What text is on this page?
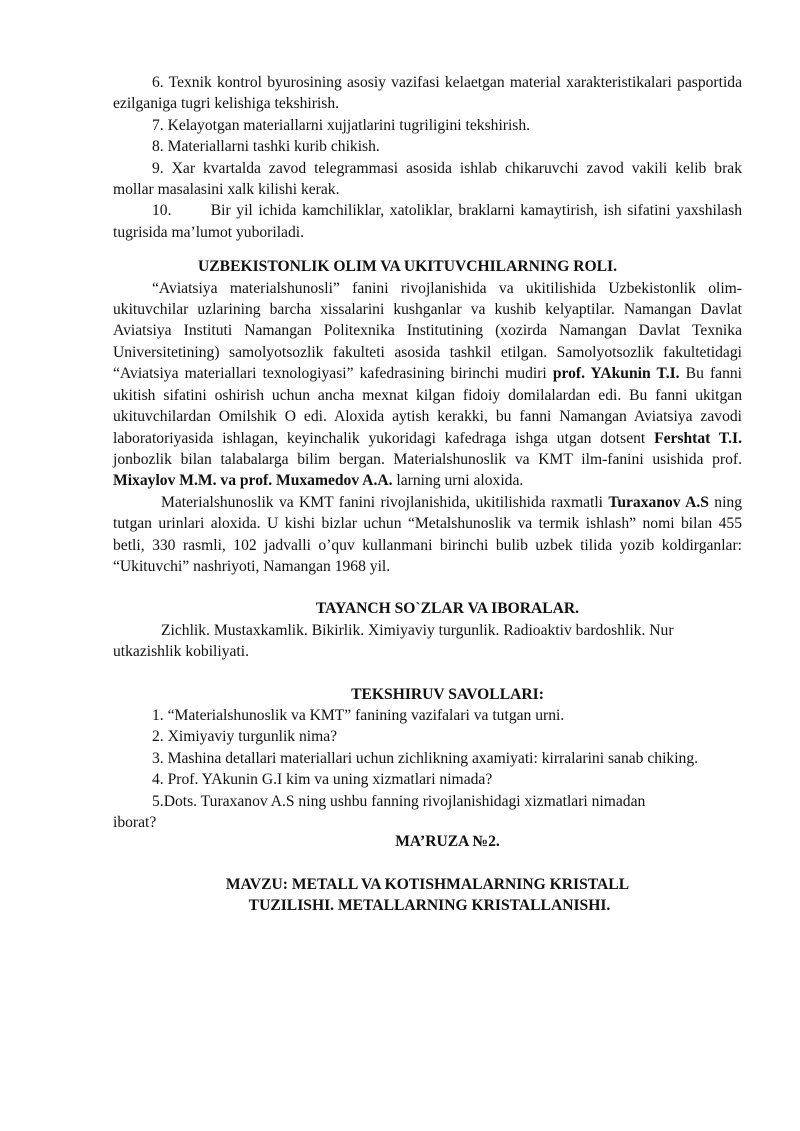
6. Texnik kontrol byurosining asosiy vazifasi kelaetgan material xarakteristikalari pasportida ezilganiga tugri kelishiga tekshirish.

7. Kelayotgan materiallarni xujjatlarini tugriligini tekshirish.

8. Materiallarni tashki kurib chikish.

9. Xar kvartalda zavod telegrammasi asosida ishlab chikaruvchi zavod vakili kelib brak mollar masalasini xalk kilishi kerak.

10.	Bir yil ichida kamchiliklar, xatoliklar, braklarni kamaytirish, ish sifatini yaxshilash tugrisida ma’lumot yuboriladi.

UZBEKISTONLIK OLIM VA UKITUVCHILARNING ROLI.

“Aviatsiya materialshunosli” fanini rivojlanishida va ukitilishida Uzbekistonlik olim-ukituvchilar uzlarining barcha xissalarini kushganlar va kushib kelyaptilar. Namangan Davlat Aviatsiya Instituti Namangan Politexnika Institutining (xozirda Namangan Davlat Texnika Universitetining) samolyotsozlik fakulteti asosida tashkil etilgan. Samolyotsozlik fakultetidagi “Aviatsiya materiallari texnologiyasi” kafedrasining birinchi mudiri prof. YAkunin T.I. Bu fanni ukitish sifatini oshirish uchun ancha mexnat kilgan fidoiy domilalardan edi. Bu fanni ukitgan ukituvchilardan Omilshik O edi. Aloxida aytish kerakki, bu fanni Namangan Aviatsiya zavodi laboratoriyasida ishlagan, keyinchalik yukoridagi kafedraga ishga utgan dotsent Fershtat T.I. jonbozlik bilan talabalarga bilim bergan. Materialshunoslik va KMT ilm-fanini usishida prof. Mixaylov M.M. va prof. Muxamedov A.A. larning urni aloxida.

Materialshunoslik va KMT fanini rivojlanishida, ukitilishida raxmatli Turaxanov A.S ning tutgan urinlari aloxida. U kishi bizlar uchun “Metalshunoslik va termik ishlash” nomi bilan 455 betli, 330 rasmli, 102 jadvalli o’quv kullanmani birinchi bulib uzbek tilida yozib koldirganlar: “Ukituvchi” nashriyoti, Namangan 1968 yil.

TAYANCH SO`ZLAR VA IBORALAR.

Zichlik. Mustaxkamlik. Bikirlik. Ximiyaviy turgunlik. Radioaktiv bardoshlik. Nur utkazishlik kobiliyati.

TEKSHIRUV SAVOLLARI:

1. “Materialshunoslik va KMT” fanining vazifalari va tutgan urni.

2. Ximiyaviy turgunlik nima?

3. Mashina detallari materiallari uchun zichlikning axamiyati: kirralarini sanab chiking.

4. Prof. YAkunin G.I kim va uning xizmatlari nimada?

5.Dots. Turaxanov A.S ning ushbu fanning rivojlanishidagi xizmatlari nimadan iborat?

MA’RUZA №2.

MAVZU: METALL VA KOTISHMALARNING KRISTALL

TUZILISHI. METALLARNING KRISTALLANISHI.
